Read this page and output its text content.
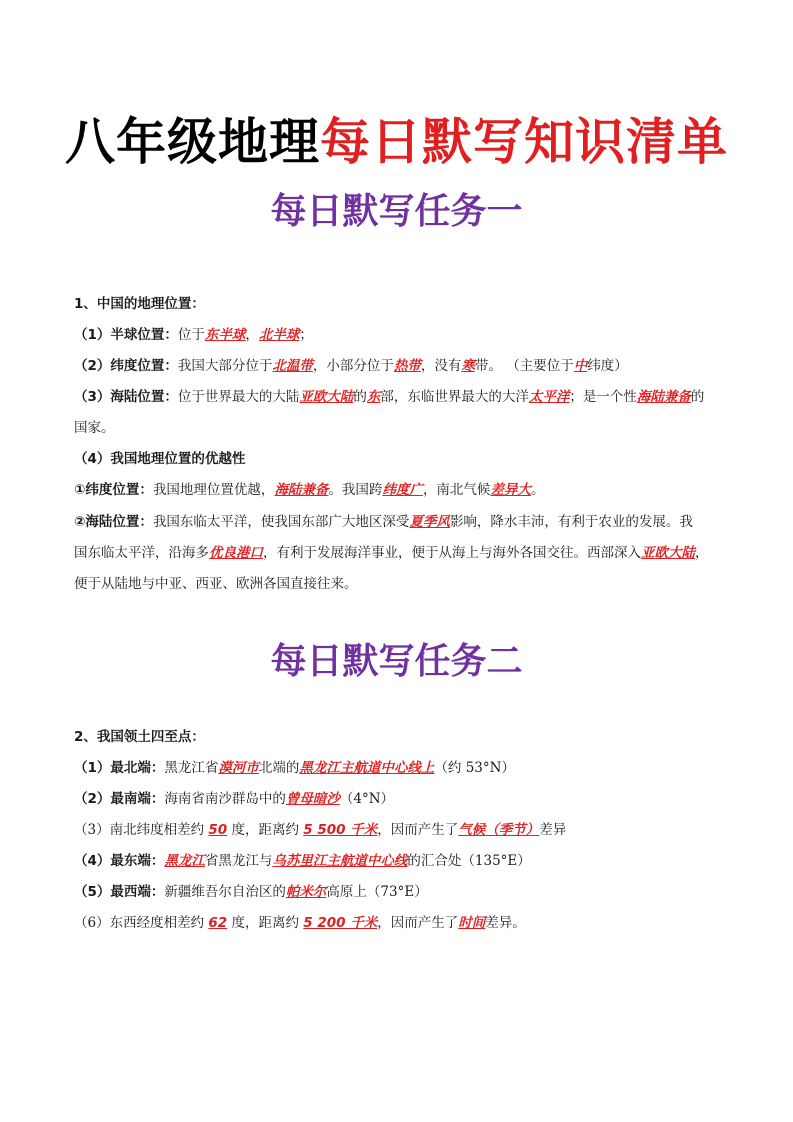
八年级地理每日默写知识清单
每日默写任务一
1、中国的地理位置：
（1）半球位置：位于东半球，北半球；
（2）纬度位置：我国大部分位于北温带，小部分位于热带，没有寒带。 （主要位于中纬度）
（3）海陆位置：位于世界最大的大陆亚欧大陆的东部，东临世界最大的大洋太平洋；是一个性海陆兼备的
国家。
（4）我国地理位置的优越性
①纬度位置：我国地理位置优越，海陆兼备。我国跨纬度广，南北气候差异大。
②海陆位置：我国东临太平洋，使我国东部广大地区深受夏季风影响，降水丰沛，有利于农业的发展。我
国东临太平洋，沿海多优良港口，有利于发展海洋事业，便于从海上与海外各国交往。西部深入亚欧大陆，
便于从陆地与中亚、西亚、欧洲各国直接往来。
每日默写任务二
2、我国领土四至点：
（1）最北端：黑龙江省漠河市北端的黑龙江主航道中心线上（约 53°N）
（2）最南端：海南省南沙群岛中的曾母暗沙（4°N）
（3）南北纬度相差约 50 度，距离约 5 500 千米，因而产生了气候（季节）差异
（4）最东端：黑龙江省黑龙江与乌苏里江主航道中心线的汇合处（135°E）
（5）最西端：新疆维吾尔自治区的帕米尔高原上（73°E）
（6）东西经度相差约 62 度，距离约 5 200 千米，因而产生了时间差异。
